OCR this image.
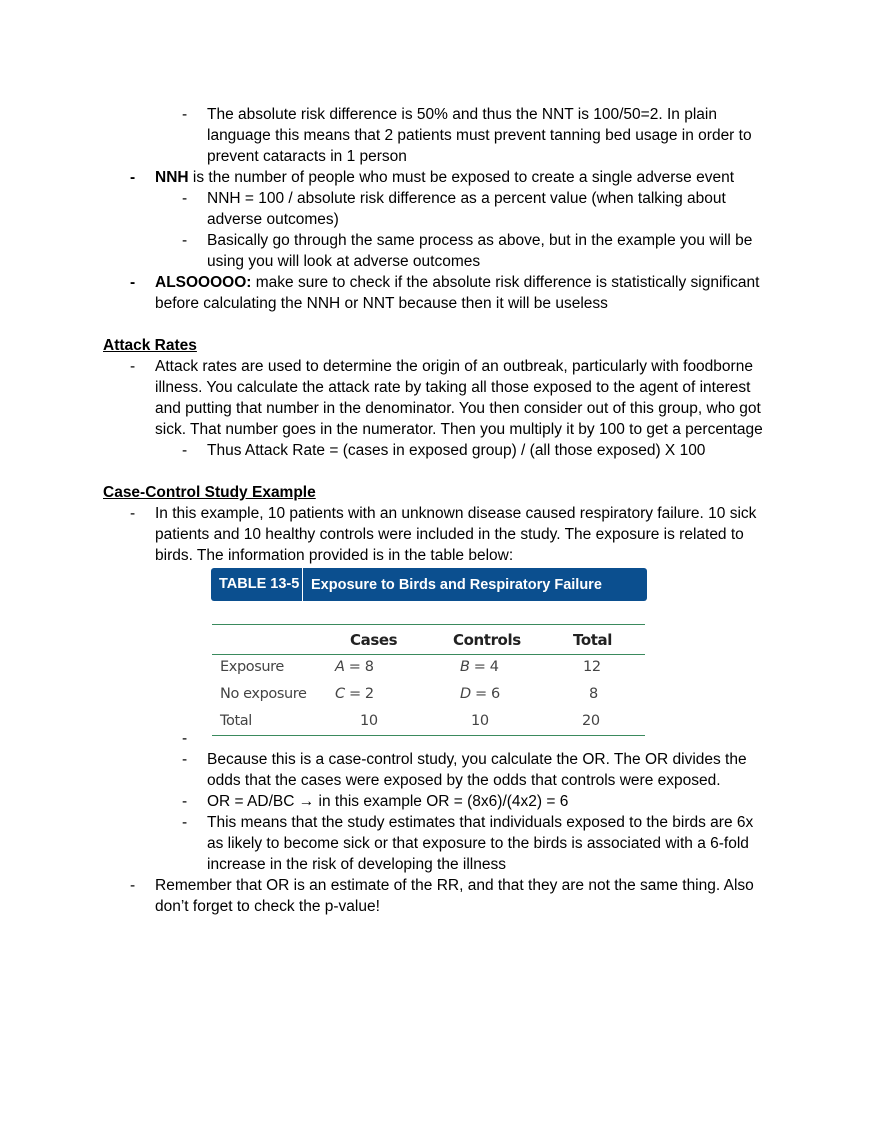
- The absolute risk difference is 50% and thus the NNT is 100/50=2. In plain
language this means that 2 patients must prevent tanning bed usage in order to
prevent cataracts in 1 person
- NNH is the number of people who must be exposed to create a single adverse event
- NNH = 100 / absolute risk difference as a percent value (when talking about
adverse outcomes)
- Basically go through the same process as above, but in the example you will be
using you will look at adverse outcomes
- ALSOOOOO: make sure to check if the absolute risk difference is statistically significant
before calculating the NNH or NNT because then it will be useless
Attack Rates
- Attack rates are used to determine the origin of an outbreak, particularly with foodborne
illness. You calculate the attack rate by taking all those exposed to the agent of interest
and putting that number in the denominator. You then consider out of this group, who got
sick. That number goes in the numerator. Then you multiply it by 100 to get a percentage
- Thus Attack Rate = (cases in exposed group) / (all those exposed) X 100
Case-Control Study Example
- In this example, 10 patients with an unknown disease caused respiratory failure. 10 sick
patients and 10 healthy controls were included in the study. The exposure is related to
birds. The information provided is in the table below:
TABLE 13-5 Exposure to Birds and Respiratory Failure
Cases	Controls	Total
Exposure	A = 8	B = 4	12
No exposure C = 2	D = 6	8
Total	10	10	20
-
- Because this is a case-control study, you calculate the OR. The OR divides the
odds that the cases were exposed by the odds that controls were exposed.
- OR = AD/BC → in this example OR = (8x6)/(4x2) = 6
- This means that the study estimates that individuals exposed to the birds are 6x
as likely to become sick or that exposure to the birds is associated with a 6-fold
increase in the risk of developing the illness
- Remember that OR is an estimate of the RR, and that they are not the same thing. Also
don’t forget to check the p-value!
